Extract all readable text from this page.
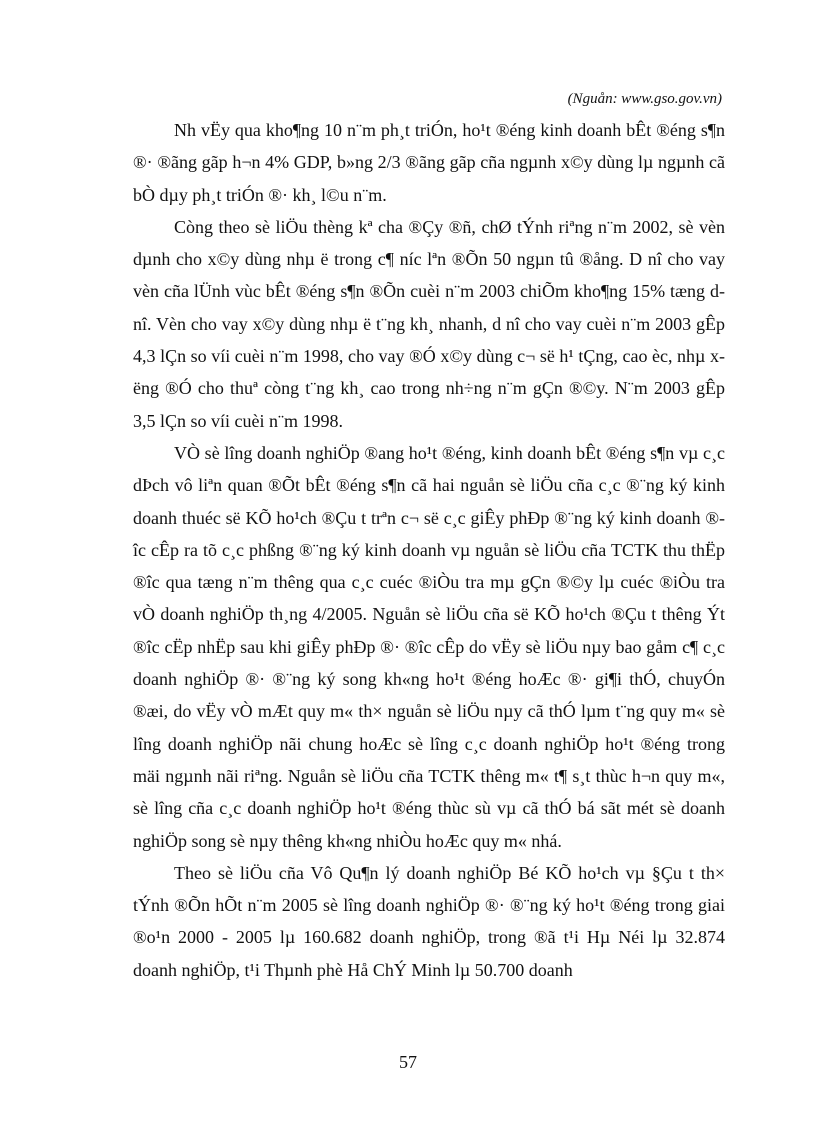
(Nguån: www.gso.gov.vn)

Nh vËy qua kho¶ng 10 n¨m ph¸t triÓn, ho¹t ®éng kinh doanh bÊt ®éng s¶n ®· ®ãng gãp h¬n 4% GDP, b»ng 2/3 ®ãng gãp cña ngµnh x©y dùng lµ ngµnh cã bÒ dµy ph¸t triÓn ®· kh¸ l©u n¨m.

Còng theo sè liÖu thèng kª cha ®Çy ®ñ, chØ tÝnh riªng n¨m 2002, sè vèn dµnh cho x©y dùng nhµ ë trong c¶ níc lªn ®Õn 50 ngµn tû ®ång. D nî cho vay vèn cña lÜnh vùc bÊt ®éng s¶n ®Õn cuèi n¨m 2003 chiÕm kho¶ng 15% tæng d nî. Vèn cho vay x©y dùng nhµ ë t¨ng kh¸ nhanh, d nî cho vay cuèi n¨m 2003 gÊp 4,3 lÇn so víi cuèi n¨m 1998, cho vay ®Ó x©y dùng c¬ së h¹ tÇng, cao èc, nhµ xëng ®Ó cho thuª còng t¨ng kh¸ cao trong nh÷ng n¨m gÇn ®©y. N¨m 2003 gÊp 3,5 lÇn so víi cuèi n¨m 1998.

VÒ sè lîng doanh nghiÖp ®ang ho¹t ®éng, kinh doanh bÊt ®éng s¶n vµ c¸c dÞch vô liªn quan ®Õt bÊt ®éng s¶n cã hai nguån sè liÖu cña c¸c ®¨ng ký kinh doanh thuéc së KÕ ho¹ch ®Çu t trªn c¬ së c¸c giÊy phÐp ®¨ng ký kinh doanh ®îc cÊp ra tõ c¸c phßng ®¨ng ký kinh doanh vµ nguån sè liÖu cña TCTK thu thËp ®îc qua tæng n¨m thêng qua c¸c cuéc ®iÒu tra mµ gÇn ®©y lµ cuéc ®iÒu tra vÒ doanh nghiÖp th¸ng 4/2005. Nguån sè liÖu cña së KÕ ho¹ch ®Çu t thêng Ýt ®îc cËp nhËp sau khi giÊy phÐp ®· ®îc cÊp do vËy sè liÖu nµy bao gåm c¶ c¸c doanh nghiÖp ®· ®¨ng ký song kh«ng ho¹t ®éng hoÆc ®· gi¶i thÓ, chuyÓn ®æi, do vËy vÒ mÆt quy m« th× nguån sè liÖu nµy cã thÓ lµm t¨ng quy m« sè lîng doanh nghiÖp nãi chung hoÆc sè lîng c¸c doanh nghiÖp ho¹t ®éng trong mäi ngµnh nãi riªng. Nguån sè liÖu cña TCTK thêng m« t¶ s¸t thùc h¬n quy m«, sè lîng cña c¸c doanh nghiÖp ho¹t ®éng thùc sù vµ cã thÓ bá sãt mét sè doanh nghiÖp song sè nµy thêng kh«ng nhiÒu hoÆc quy m« nhá.

Theo sè liÖu cña Vô Qu¶n lý doanh nghiÖp Bé KÕ ho¹ch vµ §Çu t th× tÝnh ®Õn hÕt n¨m 2005 sè lîng doanh nghiÖp ®· ®¨ng ký ho¹t ®éng trong giai ®o¹n 2000 - 2005 lµ 160.682 doanh nghiÖp, trong ®ã t¹i Hµ Néi lµ 32.874 doanh nghiÖp, t¹i Thµnh phè Hå ChÝ Minh lµ 50.700 doanh

57
